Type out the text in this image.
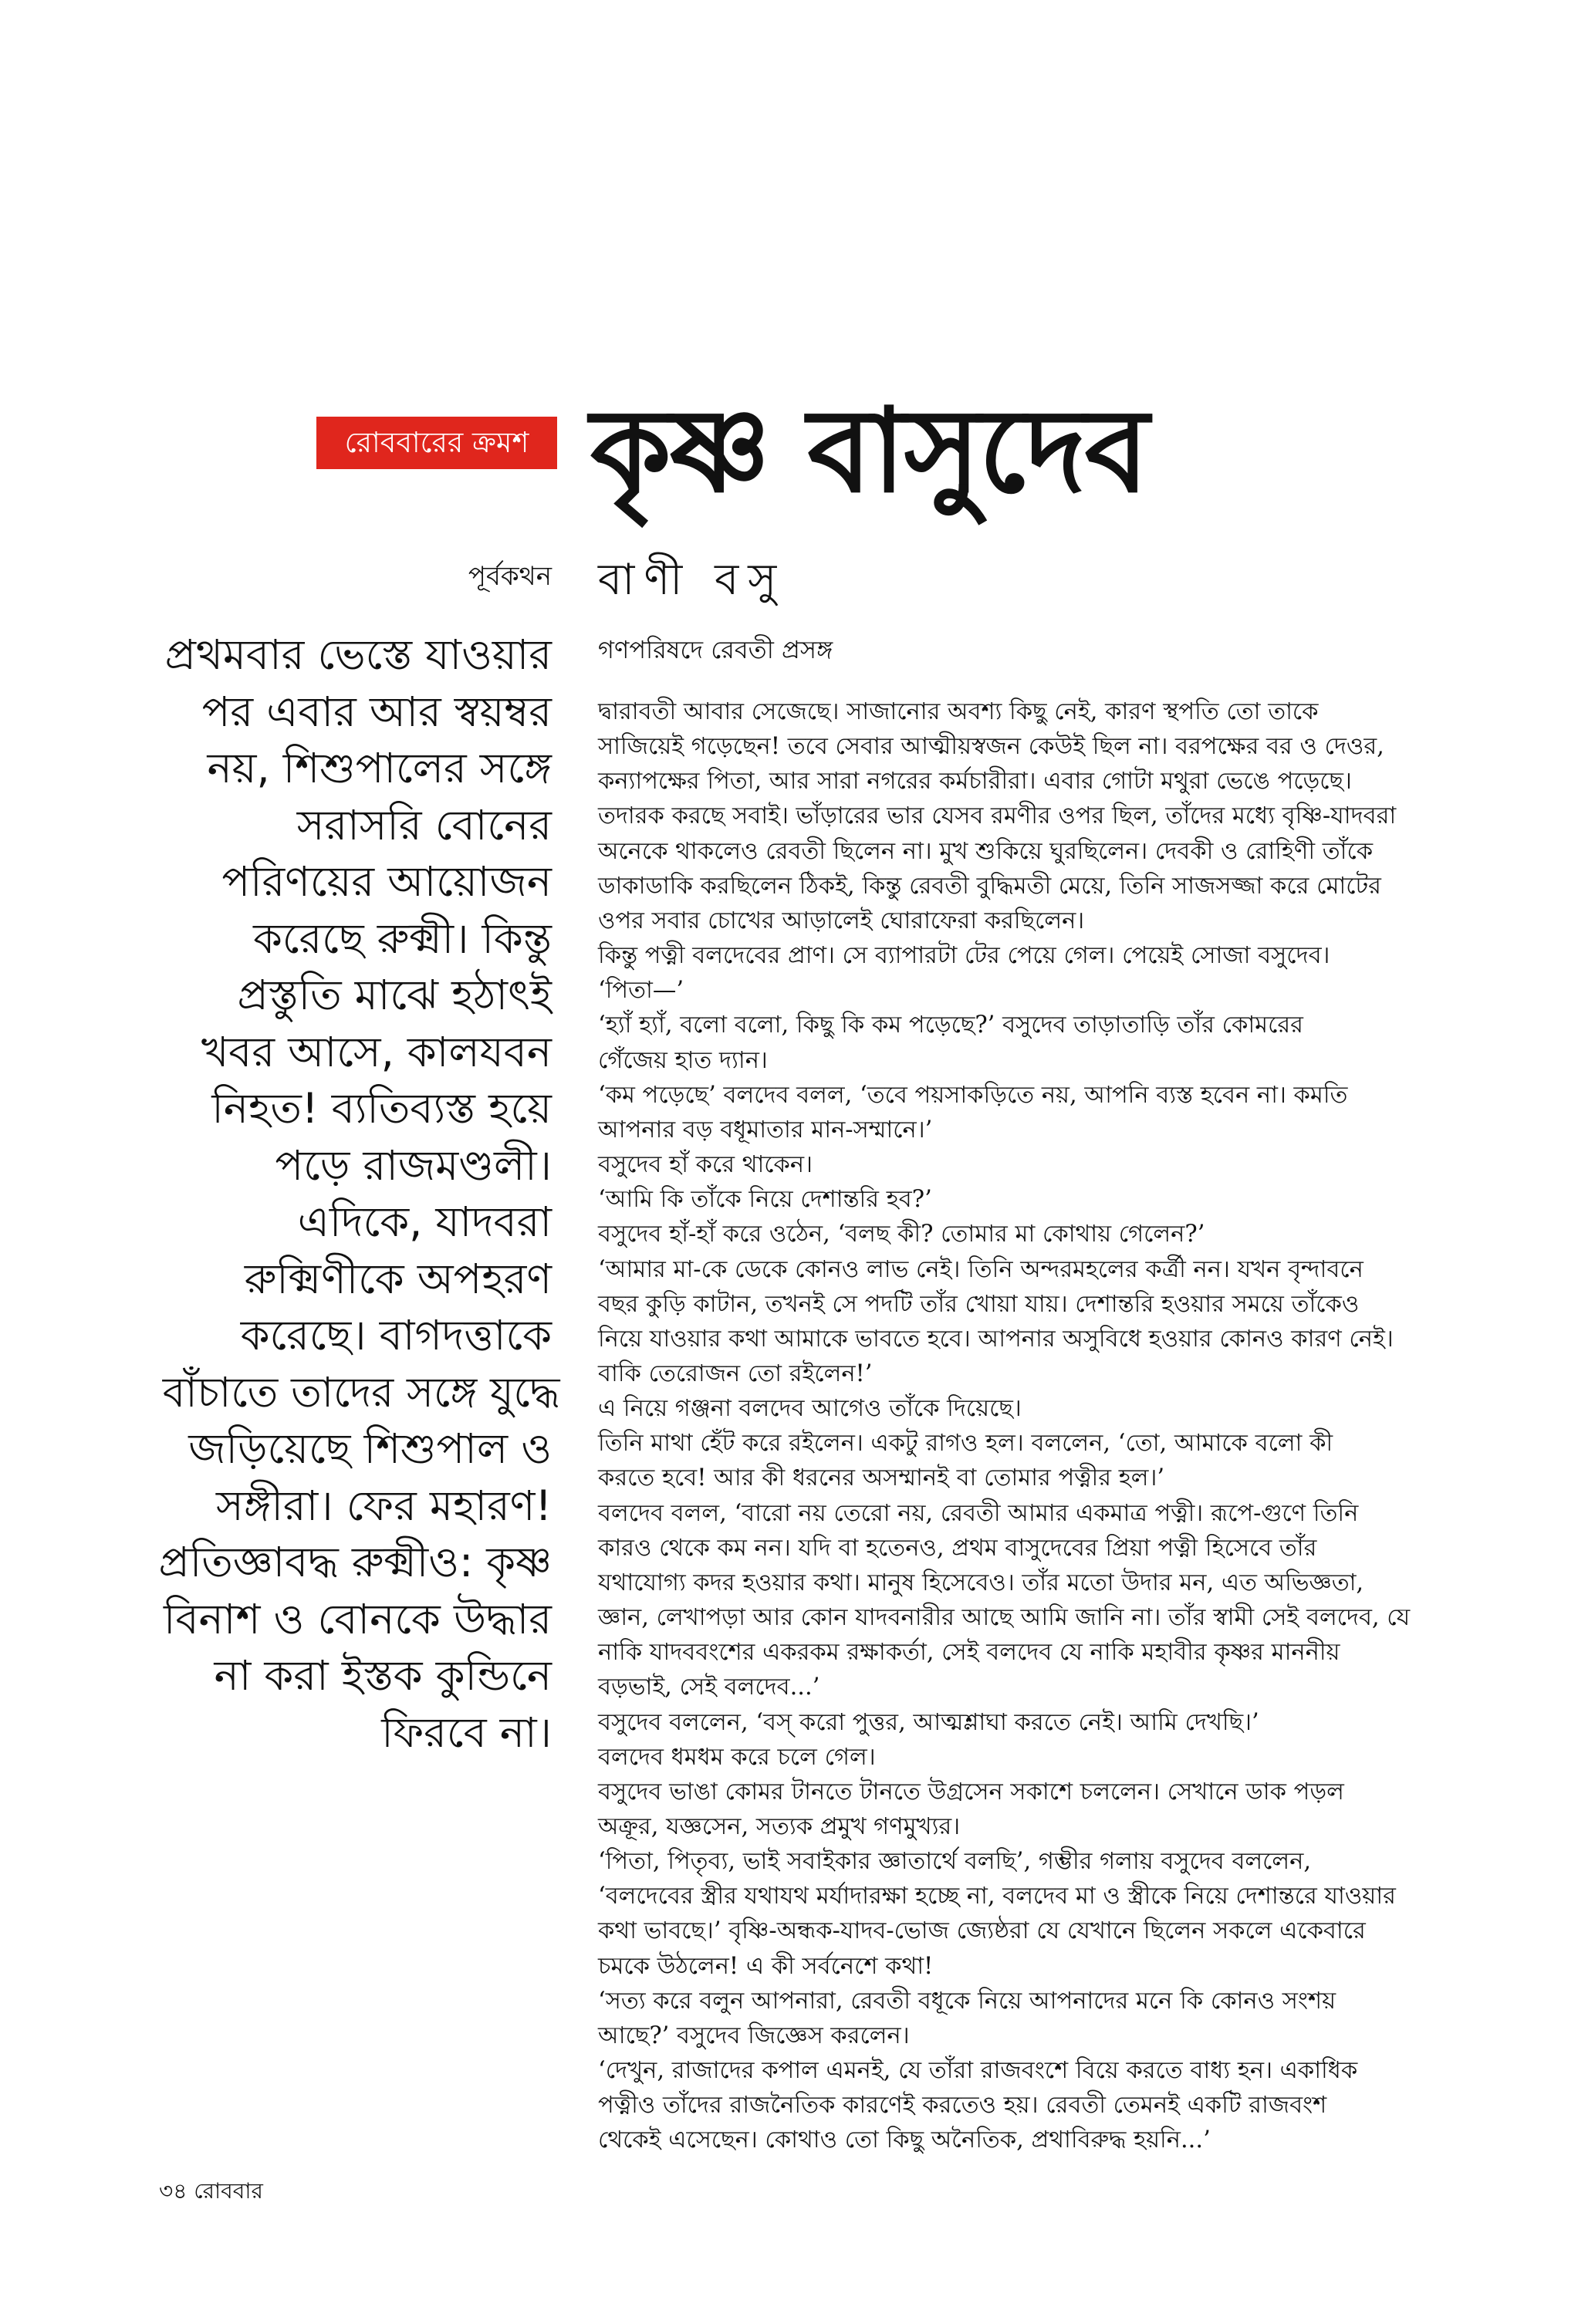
রোববারের ক্রমশ কৃষ্ণ বাসুদেব
পূর্বকথন বাণী বসু
গণপরিষদে রেবতী প্রসঙ্গ
প্রথমবার ভেস্তে যাওয়ার
পর এবার আর স্বয়ম্বর
নয়, শিশুপালের সঙ্গে
সরাসরি বোনের
পরিণয়ের আয়োজন
করেছে রুক্মী। কিন্তু
প্রস্তুতি মাঝে হঠাৎই
খবর আসে, কালযবন
নিহত! ব্যতিব্যস্ত হয়ে
পড়ে রাজমণ্ডলী।
এদিকে, যাদবরা
রুক্মিণীকে অপহরণ
করেছে। বাগদত্তাকে
বাঁচাতে তাদের সঙ্গে যুদ্ধে
জড়িয়েছে শিশুপাল ও
সঙ্গীরা। ফের মহারণ!
প্রতিজ্ঞাবদ্ধ রুক্মীও: কৃষ্ণ
বিনাশ ও বোনকে উদ্ধার
না করা ইস্তক কুন্ডিনে
ফিরবে না।
দ্বারাবতী আবার সেজেছে। সাজানোর অবশ্য কিছু নেই, কারণ স্থপতি তো তাকে
সাজিয়েই গড়েছেন! তবে সেবার আত্মীয়স্বজন কেউই ছিল না। বরপক্ষের বর ও দেওর,
কন্যাপক্ষের পিতা, আর সারা নগরের কর্মচারীরা। এবার গোটা মথুরা ভেঙে পড়েছে।
তদারক করছে সবাই। ভাঁড়ারের ভার যেসব রমণীর ওপর ছিল, তাঁদের মধ্যে বৃষ্ণি-যাদবরা
অনেকে থাকলেও রেবতী ছিলেন না। মুখ শুকিয়ে ঘুরছিলেন। দেবকী ও রোহিণী তাঁকে
ডাকাডাকি করছিলেন ঠিকই, কিন্তু রেবতী বুদ্ধিমতী মেয়ে, তিনি সাজসজ্জা করে মোটের
ওপর সবার চোখের আড়ালেই ঘোরাফেরা করছিলেন।
কিন্তু পত্নী বলদেবের প্রাণ। সে ব্যাপারটা টের পেয়ে গেল। পেয়েই সোজা বসুদেব।
‘পিতা—’
‘হ্যাঁ হ্যাঁ, বলো বলো, কিছু কি কম পড়েছে?’ বসুদেব তাড়াতাড়ি তাঁর কোমরের
গেঁজেয় হাত দ্যান।
‘কম পড়েছে’ বলদেব বলল, ‘তবে পয়সাকড়িতে নয়, আপনি ব্যস্ত হবেন না। কমতি
আপনার বড় বধূমাতার মান-সম্মানে।’
বসুদেব হাঁ করে থাকেন।
‘আমি কি তাঁকে নিয়ে দেশান্তরি হব?’
বসুদেব হাঁ-হাঁ করে ওঠেন, ‘বলছ কী? তোমার মা কোথায় গেলেন?’
‘আমার মা-কে ডেকে কোনও লাভ নেই। তিনি অন্দরমহলের কর্ত্রী নন। যখন বৃন্দাবনে
বছর কুড়ি কাটান, তখনই সে পদটি তাঁর খোয়া যায়। দেশান্তরি হওয়ার সময়ে তাঁকেও
নিয়ে যাওয়ার কথা আমাকে ভাবতে হবে। আপনার অসুবিধে হওয়ার কোনও কারণ নেই।
বাকি তেরোজন তো রইলেন!’
এ নিয়ে গঞ্জনা বলদেব আগেও তাঁকে দিয়েছে।
তিনি মাথা হেঁট করে রইলেন। একটু রাগও হল। বললেন, ‘তো, আমাকে বলো কী
করতে হবে! আর কী ধরনের অসম্মানই বা তোমার পত্নীর হল।’
বলদেব বলল, ‘বারো নয় তেরো নয়, রেবতী আমার একমাত্র পত্নী। রূপে-গুণে তিনি
কারও থেকে কম নন। যদি বা হতেনও, প্রথম বাসুদেবের প্রিয়া পত্নী হিসেবে তাঁর
যথাযোগ্য কদর হওয়ার কথা। মানুষ হিসেবেও। তাঁর মতো উদার মন, এত অভিজ্ঞতা,
জ্ঞান, লেখাপড়া আর কোন যাদবনারীর আছে আমি জানি না। তাঁর স্বামী সেই বলদেব, যে
নাকি যাদববংশের একরকম রক্ষাকর্তা, সেই বলদেব যে নাকি মহাবীর কৃষ্ণর মাননীয়
বড়ভাই, সেই বলদেব...’
বসুদেব বললেন, ‘বস্ করো পুত্তর, আত্মশ্লাঘা করতে নেই। আমি দেখছি।’
বলদেব ধমধম করে চলে গেল।
বসুদেব ভাঙা কোমর টানতে টানতে উগ্রসেন সকাশে চললেন। সেখানে ডাক পড়ল
অক্রূর, যজ্ঞসেন, সত্যক প্রমুখ গণমুখ্যর।
‘পিতা, পিতৃব্য, ভাই সবাইকার জ্ঞাতার্থে বলছি’, গম্ভীর গলায় বসুদেব বললেন,
‘বলদেবের স্ত্রীর যথাযথ মর্যাদারক্ষা হচ্ছে না, বলদেব মা ও স্ত্রীকে নিয়ে দেশান্তরে যাওয়ার
কথা ভাবছে।’ বৃষ্ণি-অন্ধক-যাদব-ভোজ জ্যেষ্ঠরা যে যেখানে ছিলেন সকলে একেবারে
চমকে উঠলেন! এ কী সর্বনেশে কথা!
‘সত্য করে বলুন আপনারা, রেবতী বধূকে নিয়ে আপনাদের মনে কি কোনও সংশয়
আছে?’ বসুদেব জিজ্ঞেস করলেন।
‘দেখুন, রাজাদের কপাল এমনই, যে তাঁরা রাজবংশে বিয়ে করতে বাধ্য হন। একাধিক
পত্নীও তাঁদের রাজনৈতিক কারণেই করতেও হয়। রেবতী তেমনই একটি রাজবংশ
থেকেই এসেছেন। কোথাও তো কিছু অনৈতিক, প্রথাবিরুদ্ধ হয়নি...’
৩৪ রোববার
